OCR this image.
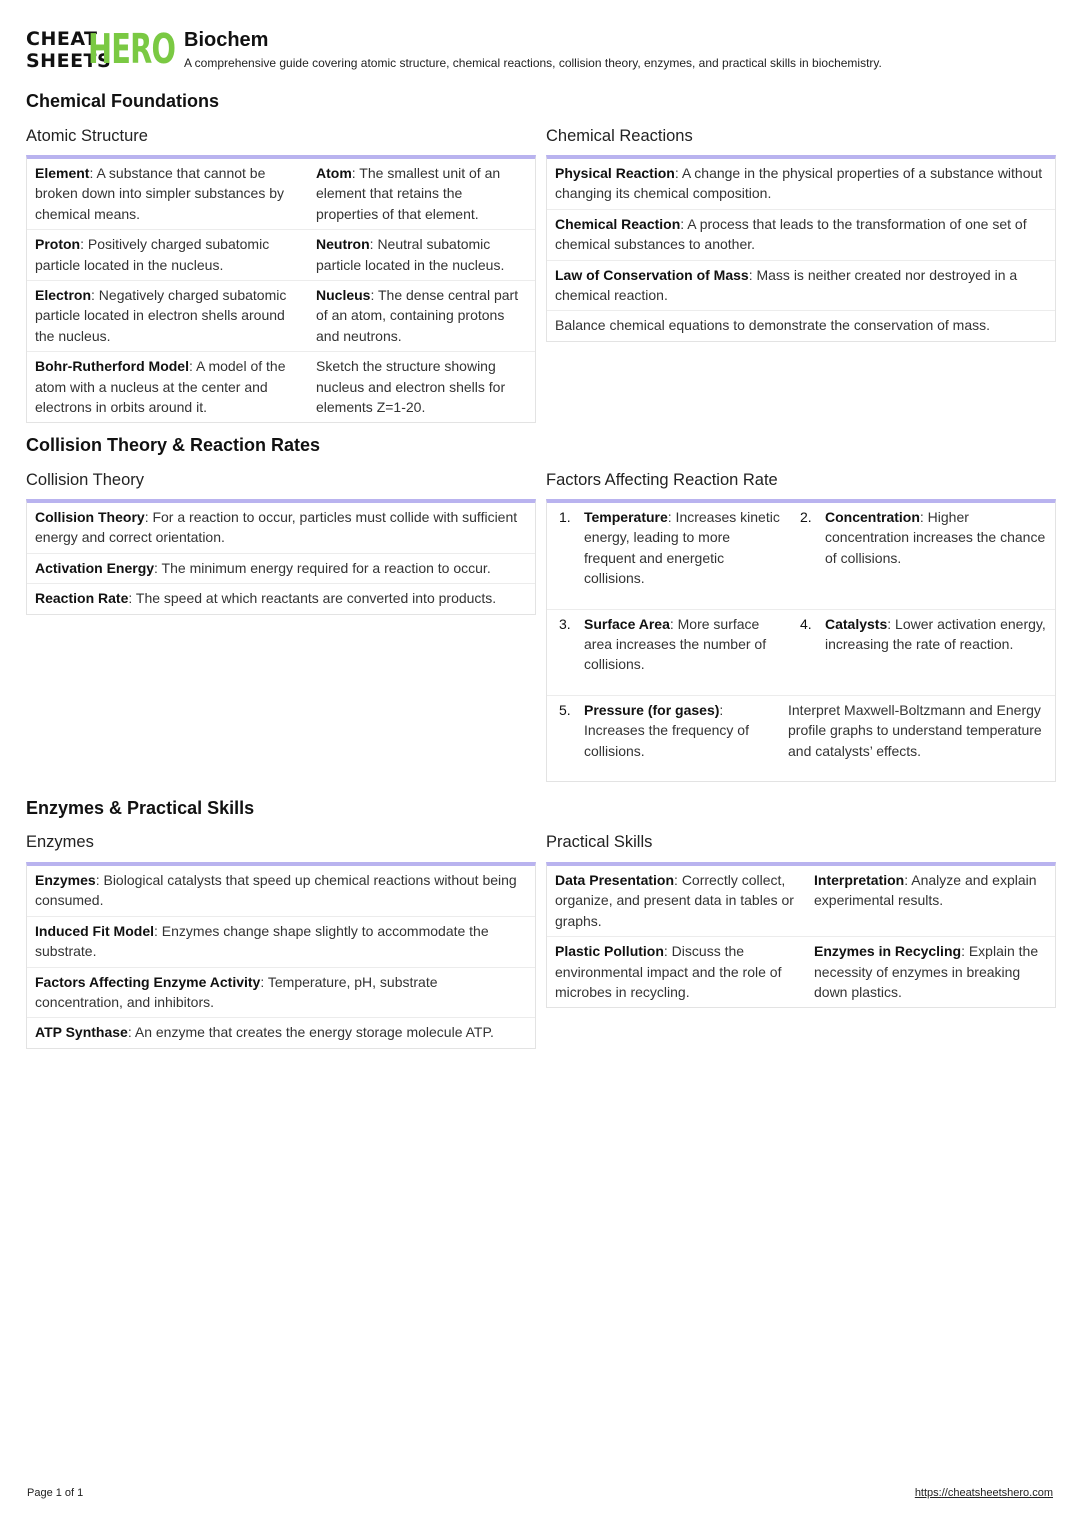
CHEAT
SHEETS
HERO Biochem
A comprehensive guide covering atomic structure, chemical reactions, collision theory, enzymes, and practical skills in biochemistry.
Chemical Foundations
Atomic Structure
Element: A substance that cannot be broken down into simpler substances by chemical means.
Atom: The smallest unit of an element that retains the properties of that element.
Proton: Positively charged subatomic particle located in the nucleus.
Neutron: Neutral subatomic particle located in the nucleus.
Electron: Negatively charged subatomic particle located in electron shells around the nucleus.
Nucleus: The dense central part of an atom, containing protons and neutrons.
Bohr-Rutherford Model: A model of the atom with a nucleus at the center and electrons in orbits around it.
Sketch the structure showing nucleus and electron shells for elements Z=1-20.
Chemical Reactions
Physical Reaction: A change in the physical properties of a substance without changing its chemical composition.
Chemical Reaction: A process that leads to the transformation of one set of chemical substances to another.
Law of Conservation of Mass: Mass is neither created nor destroyed in a chemical reaction.
Balance chemical equations to demonstrate the conservation of mass.
Collision Theory & Reaction Rates
Collision Theory
Collision Theory: For a reaction to occur, particles must collide with sufficient energy and correct orientation.
Activation Energy: The minimum energy required for a reaction to occur.
Reaction Rate: The speed at which reactants are converted into products.
Factors Affecting Reaction Rate
1. Temperature: Increases kinetic energy, leading to more frequent and energetic collisions.
2. Concentration: Higher concentration increases the chance of collisions.
3. Surface Area: More surface area increases the number of collisions.
4. Catalysts: Lower activation energy, increasing the rate of reaction.
5. Pressure (for gases): Increases the frequency of collisions.
Interpret Maxwell-Boltzmann and Energy profile graphs to understand temperature and catalysts’ effects.
Enzymes & Practical Skills
Enzymes
Enzymes: Biological catalysts that speed up chemical reactions without being consumed.
Induced Fit Model: Enzymes change shape slightly to accommodate the substrate.
Factors Affecting Enzyme Activity: Temperature, pH, substrate concentration, and inhibitors.
ATP Synthase: An enzyme that creates the energy storage molecule ATP.
Practical Skills
Data Presentation: Correctly collect, organize, and present data in tables or graphs.
Interpretation: Analyze and explain experimental results.
Plastic Pollution: Discuss the environmental impact and the role of microbes in recycling.
Enzymes in Recycling: Explain the necessity of enzymes in breaking down plastics.
Page 1 of 1	https://cheatsheetshero.com
